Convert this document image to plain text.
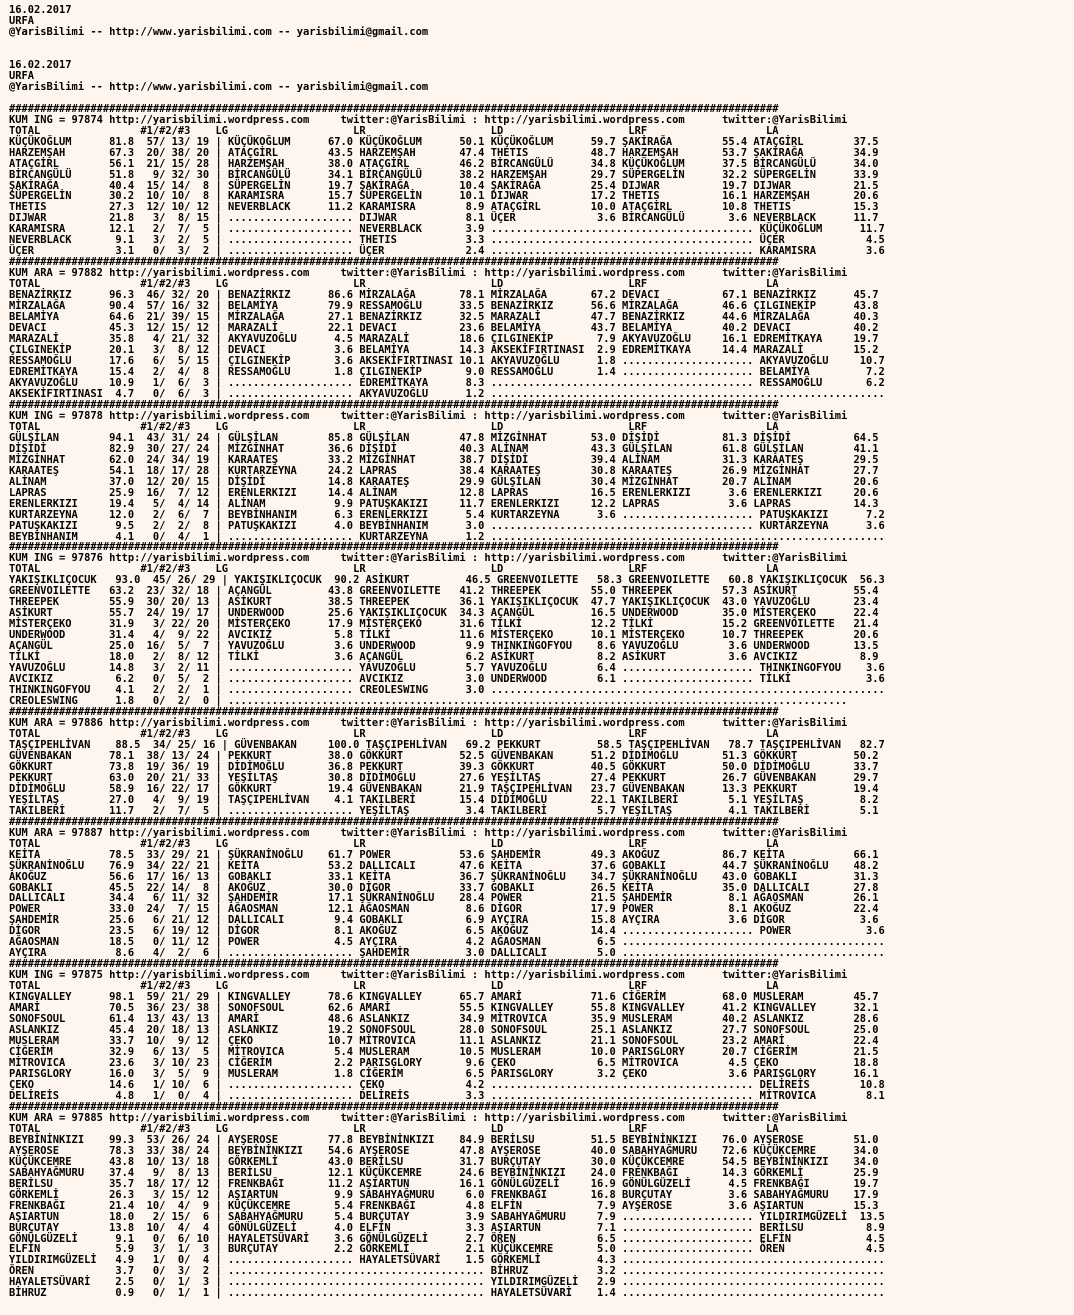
16.02.2017
URFA
@YarisBilimi -- http://www.yarisbilimi.com -- yarisbilimi@gmail.com
16.02.2017
URFA
@YarisBilimi -- http://www.yarisbilimi.com -- yarisbilimi@gmail.com
###########################################################################################################################
KUM ING = 97874 http://yarisbilimi.wordpress.com     twitter:@YarisBilimi : http://yarisbilimi.wordpress.com      twitter:@YarisBilimi
TOTAL                #1/#2/#3    LG                    LR                    LD                    LRF                   LA
KÜÇÜKOĞLUM      81.8  57/ 13/ 19 | KÜÇÜKOĞLUM      67.0 KÜÇÜKOĞLUM      50.1 KÜÇÜKOĞLUM      59.7 ŞAKİRAĞA        55.4 ATAÇGİRL        37.5
HARZEMŞAH       67.3  20/ 38/ 20 | ATAÇGİRL        43.5 HARZEMŞAH       47.4 THETIS          48.7 HARZEMŞAH       53.7 ŞAKİRAĞA        34.9
ATAÇGİRL        56.1  21/ 15/ 28 | HARZEMŞAH       38.0 ATAÇGİRL        46.2 BİRCANGÜLÜ      34.8 KÜÇÜKOĞLUM      37.5 BİRCANGÜLÜ      34.0
BİRCANGÜLÜ      51.8   9/ 32/ 30 | BİRCANGÜLÜ      34.1 BİRCANGÜLÜ      38.2 HARZEMŞAH       29.7 SÜPERGELİN      32.2 SÜPERGELİN      33.9
ŞAKİRAĞA        40.4  15/ 14/  8 | SÜPERGELİN      19.7 ŞAKİRAĞA        10.4 ŞAKİRAĞA        25.4 DIJWAR          19.7 DIJWAR          21.5
SÜPERGELİN      30.2  10/ 10/  8 | KARAMISRA       15.7 SÜPERGELİN      10.1 DIJWAR          17.2 THETIS          16.1 HARZEMŞAH       20.6
THETIS          27.3  12/ 10/ 12 | NEVERBLACK      11.2 KARAMISRA        8.9 ATAÇGİRL        10.0 ATAÇGİRL        10.8 THETIS          15.3
DIJWAR          21.8   3/  8/ 15 | .................... DIJWAR           8.1 ÜÇER             3.6 BİRCANGÜLÜ       3.6 NEVERBLACK      11.7
KARAMISRA       12.1   2/  7/  5 | .................... NEVERBLACK       3.9 .......................................... KÜÇÜKOĞLUM      11.7
NEVERBLACK       9.1   3/  2/  5 | .................... THETIS           3.3 .......................................... ÜÇER             4.5
ÜÇER             3.1   0/  3/  2 | .................... ÜÇER             2.4 .......................................... KARAMISRA        3.6
###########################################################################################################################
KUM ARA = 97882 http://yarisbilimi.wordpress.com     twitter:@YarisBilimi : http://yarisbilimi.wordpress.com      twitter:@YarisBilimi
TOTAL                #1/#2/#3    LG                    LR                    LD                    LRF                   LA
BENAZİRKIZ      96.3  46/ 32/ 20 | BENAZİRKIZ      86.6 MİRZALAĞA       78.1 MİRZALAĞA       67.2 DEVACI          67.1 BENAZİRKIZ      45.7
MİRZALAĞA       90.4  57/ 16/ 32 | BELAMİYA        79.9 RESSAMOĞLU      33.5 BENAZİRKIZ      56.6 MİRZALAĞA       46.6 ÇILGINEKİP      43.8
BELAMİYA        64.6  21/ 39/ 15 | MİRZALAĞA       27.1 BENAZİRKIZ      32.5 MARAZALİ        47.7 BENAZİRKIZ      44.6 MİRZALAĞA       40.3
DEVACI          45.3  12/ 15/ 12 | MARAZALİ        22.1 DEVACI          23.6 BELAMİYA        43.7 BELAMİYA        40.2 DEVACI          40.2
MARAZALİ        35.8   4/ 21/ 32 | AKYAVUZOĞLU      4.5 MARAZALİ        18.6 ÇILGINEKİP       7.9 AKYAVUZOĞLU     16.1 EDREMİTKAYA     19.7
ÇILGINEKİP      20.1   3/  8/ 12 | DEVACI           3.6 BELAMİYA        14.3 AKSEKİFIRTINASI  2.9 EDREMİTKAYA     14.4 MARAZALİ        15.2
RESSAMOĞLU      17.6   6/  5/ 15 | ÇILGINEKİP       3.6 AKSEKİFIRTINASI 10.1 AKYAVUZOĞLU      1.8 ..................... AKYAVUZOĞLU     10.7
EDREMİTKAYA     15.4   2/  4/  8 | RESSAMOĞLU       1.8 ÇILGINEKİP       9.0 RESSAMOĞLU       1.4 ..................... BELAMİYA         7.2
AKYAVUZOĞLU     10.9   1/  6/  3 | .................... EDREMİTKAYA      8.3 .......................................... RESSAMOĞLU       6.2
AKSEKİFIRTINASI  4.7   0/  6/  3 | .................... AKYAVUZOĞLU      1.2 ...............................................................
###########################################################################################################################
KUM ING = 97878 http://yarisbilimi.wordpress.com     twitter:@YarisBilimi : http://yarisbilimi.wordpress.com      twitter:@YarisBilimi
TOTAL                #1/#2/#3    LG                    LR                    LD                    LRF                   LA
GÜLŞİLAN        94.1  43/ 31/ 24 | GÜLŞİLAN        85.8 GÜLŞİLAN        47.8 MİZGİNHAT       53.0 DİŞİDİ          81.3 DİŞİDİ          64.5
DİŞİDİ          82.9  30/ 27/ 24 | MİZGİNHAT       36.6 DİŞİDİ          40.3 ALİNAM          43.3 GÜLŞİLAN        61.8 GÜLŞİLAN        41.1
MİZGİNHAT       62.0  24/ 34/ 19 | KARAATEŞ        33.2 MİZGİNHAT       38.7 DİŞİDİ          39.4 ALİNAM          31.3 KARAATEŞ        29.5
KARAATEŞ        54.1  18/ 17/ 28 | KURTARZEYNA     24.2 LAPRAS          38.4 KARAATEŞ        30.8 KARAATEŞ        26.9 MİZGİNHAT       27.7
ALİNAM          37.0  12/ 20/ 15 | DİŞİDİ          14.8 KARAATEŞ        29.9 GÜLŞİLAN        30.4 MİZGİNHAT       20.7 ALİNAM          20.6
LAPRAS          25.9  16/  7/ 12 | ERENLERKIZI     14.4 ALİNAM          12.8 LAPRAS          16.5 ERENLERKIZI      3.6 ERENLERKIZI     20.6
ERENLERKIZI     19.4   5/  4/ 14 | ALİNAM           9.9 PATUŞKAKIZI     11.7 ERENLERKIZI     12.2 LAPRAS           3.6 LAPRAS          14.3
KURTARZEYNA     12.0   2/  6/  7 | BEYBİNHANIM      6.3 ERENLERKIZI      5.4 KURTARZEYNA      3.6 ..................... PATUŞKAKIZI      7.2
PATUŞKAKIZI      9.5   2/  2/  8 | PATUŞKAKIZI      4.0 BEYBİNHANIM      3.0 .......................................... KURTARZEYNA      3.6
BEYBİNHANIM      4.1   0/  4/  1 | .................... KURTARZEYNA      1.2 ...............................................................
###########################################################################################################################
KUM ING = 97876 http://yarisbilimi.wordpress.com     twitter:@YarisBilimi : http://yarisbilimi.wordpress.com      twitter:@YarisBilimi
TOTAL                #1/#2/#3    LG                    LR                    LD                    LRF                   LA
YAKIŞIKLIÇOCUK   93.0  45/ 26/ 29 | YAKIŞIKLIÇOCUK  90.2 ASİKURT         46.5 GREENVOILETTE   58.3 GREENVOILETTE   60.8 YAKIŞIKLIÇOCUK  56.3
GREENVOILETTE   63.2  23/ 32/ 18 | AÇANGÜL         43.8 GREENVOILETTE   41.2 THREEPEK        55.0 THREEPEK        57.3 ASİKURT         55.4
THREEPEK        55.9  30/ 20/ 13 | ASİKURT         38.5 THREEPEK        36.1 YAKIŞIKLIÇOCUK  47.7 YAKIŞIKLIÇOCUK  43.0 YAVUZOĞLU       23.4
ASİKURT         55.7  24/ 19/ 17 | UNDERWOOD       25.6 YAKIŞIKLIÇOCUK  34.3 AÇANGÜL         16.5 UNDERWOOD       35.0 MİSTERÇEKO      22.4
MİSTERÇEKO      31.9   3/ 22/ 20 | MİSTERÇEKO      17.9 MİSTERÇEKO      31.6 TİLKİ           12.2 TİLKİ           15.2 GREENVOILETTE   21.4
UNDERWOOD       31.4   4/  9/ 22 | AVCIKIZ          5.8 TİLKİ           11.6 MİSTERÇEKO      10.1 MİSTERÇEKO      10.7 THREEPEK        20.6
AÇANGÜL         25.0  16/  5/  7 | YAVUZOĞLU        3.6 UNDERWOOD        9.9 THINKINGOFYOU    8.6 YAVUZOĞLU        3.6 UNDERWOOD       13.5
TİLKİ           18.0   2/  8/ 12 | TİLKİ            3.6 AÇANGÜL          6.2 ASİKURT          8.2 ASİKURT          3.6 AVCIKIZ          8.9
YAVUZOĞLU       14.8   3/  2/ 11 | .................... YAVUZOĞLU        5.7 YAVUZOĞLU        6.4 ..................... THINKINGOFYOU    3.6
AVCIKIZ          6.2   0/  5/  2 | .................... AVCIKIZ          3.0 UNDERWOOD        6.1 ..................... TİLKİ            3.6
THINKINGOFYOU    4.1   2/  2/  1 | .................... CREOLESWING      3.0 ...............................................................
CREOLESWING      1.8   0/  2/  0 | ...................................................................................................
###########################################################################################################################
KUM ARA = 97886 http://yarisbilimi.wordpress.com     twitter:@YarisBilimi : http://yarisbilimi.wordpress.com      twitter:@YarisBilimi
TOTAL                #1/#2/#3    LG                    LR                    LD                    LRF                   LA
TAŞÇIPEHLİVAN    88.5  34/ 25/ 16 | GÜVENBAKAN     100.0 TAŞÇIPEHLİVAN   69.2 PEKKURT         58.5 TAŞÇIPEHLİVAN   78.7 TAŞÇIPEHLİVAN   82.7
GÜVENBAKAN      78.1  38/ 13/ 24 | PEKKURT         38.0 GÖKKURT         52.5 GÜVENBAKAN      51.2 DİDİMOĞLU       51.3 GÖKKURT         50.2
GÖKKURT         73.8  19/ 36/ 19 | DİDİMOĞLU       36.8 PEKKURT         39.3 GÖKKURT         40.5 GÖKKURT         50.0 DİDİMOĞLU       33.7
PEKKURT         63.0  20/ 21/ 33 | YEŞİLTAŞ        30.8 DİDİMOĞLU       27.6 YEŞİLTAŞ        27.4 PEKKURT         26.7 GÜVENBAKAN      29.7
DİDİMOĞLU       58.9  16/ 22/ 17 | GÖKKURT         19.4 GÜVENBAKAN      21.9 TAŞÇIPEHLİVAN   23.7 GÜVENBAKAN      13.3 PEKKURT         19.4
YEŞİLTAŞ        27.0   4/  9/ 19 | TAŞÇIPEHLİVAN    4.1 TAKILBERİ       15.4 DİDİMOĞLU       22.1 TAKILBERİ        5.1 YEŞİLTAŞ         8.2
TAKILBERİ       11.7   2/  7/  5 | .................... YEŞİLTAŞ         3.4 TAKILBERİ        5.7 YEŞİLTAŞ         4.1 TAKILBERİ        5.1
###########################################################################################################################
KUM ARA = 97887 http://yarisbilimi.wordpress.com     twitter:@YarisBilimi : http://yarisbilimi.wordpress.com      twitter:@YarisBilimi
TOTAL                #1/#2/#3    LG                    LR                    LD                    LRF                   LA
KEİTA           78.5  33/ 29/ 21 | ŞÜKRANİNOĞLU    61.7 POWER           53.6 ŞAHDEMİR        49.3 AKOĞUZ          86.7 KEİTA           66.1
ŞÜKRANİNOĞLU    76.9  34/ 22/ 21 | KEİTA           53.2 DALLICALI       47.6 KEİTA           37.6 GOBAKLI         44.7 ŞÜKRANİNOĞLU    48.2
AKOĞUZ          56.6  17/ 16/ 13 | GOBAKLI         33.1 KEİTA           36.7 ŞÜKRANİNOĞLU    34.7 ŞÜKRANİNOĞLU    43.0 GOBAKLI         31.3
GOBAKLI         45.5  22/ 14/  8 | AKOĞUZ          30.0 DİGOR           33.7 GOBAKLI         26.5 KEİTA           35.0 DALLICALI       27.8
DALLICALI       34.4   6/ 11/ 32 | ŞAHDEMİR        17.1 ŞÜKRANİNOĞLU    28.4 POWER           21.5 ŞAHDEMİR         8.1 AĞAOSMAN        26.1
POWER           33.0  24/  7/ 15 | AĞAOSMAN        12.1 AĞAOSMAN         8.6 DİGOR           17.9 POWER            8.1 AKOĞUZ          22.4
ŞAHDEMİR        25.6   6/ 21/ 12 | DALLICALI        9.4 GOBAKLI          6.9 AYÇIRA          15.8 AYÇIRA           3.6 DİGOR            3.6
DİGOR           23.5   6/ 19/ 12 | DİGOR            8.1 AKOĞUZ           6.5 AKOĞUZ          14.4 ..................... POWER            3.6
AĞAOSMAN        18.5   0/ 11/ 12 | POWER            4.5 AYÇIRA           4.2 AĞAOSMAN         6.5 ..........................................
AYÇIRA           8.6   4/  2/  6 | .................... ŞAHDEMİR         3.0 DALLICALI        5.0 ..........................................
###########################################################################################################################
KUM ING = 97875 http://yarisbilimi.wordpress.com     twitter:@YarisBilimi : http://yarisbilimi.wordpress.com      twitter:@YarisBilimi
TOTAL                #1/#2/#3    LG                    LR                    LD                    LRF                   LA
KINGVALLEY      98.1  59/ 21/ 29 | KINGVALLEY      78.6 KINGVALLEY      65.7 AMARİ           71.6 CİĞERİM         68.0 MUSLERAM        45.7
AMARİ           70.5  36/ 23/ 38 | SONOFSOUL       62.6 AMARİ           55.5 KINGVALLEY      55.8 KINGVALLEY      41.2 KINGVALLEY      32.1
SONOFSOUL       61.4  13/ 43/ 13 | AMARİ           48.6 ASLANKIZ        34.9 MİTROVICA       35.9 MUSLERAM        40.2 ASLANKIZ        28.6
ASLANKIZ        45.4  20/ 18/ 13 | ASLANKIZ        19.2 SONOFSOUL       28.0 SONOFSOUL       25.1 ASLANKIZ        27.7 SONOFSOUL       25.0
MUSLERAM        33.7  10/  9/ 12 | ÇEKO            10.7 MİTROVICA       11.1 ASLANKIZ        21.1 SONOFSOUL       23.2 AMARİ           22.4
CİĞERİM         32.9   6/ 13/  5 | MİTROVICA        5.4 MUSLERAM        10.5 MUSLERAM        10.0 PARISGLORY      20.7 CİĞERİM         21.5
MİTROVICA       23.6   3/ 10/ 23 | CİĞERİM          2.2 PARISGLORY       9.6 ÇEKO             6.5 MİTROVICA        4.5 ÇEKO            18.8
PARISGLORY      16.0   3/  5/  9 | MUSLERAM         1.8 CİĞERİM          6.5 PARISGLORY       3.2 ÇEKO             3.6 PARISGLORY      16.1
ÇEKO            14.6   1/ 10/  6 | .................... ÇEKO             4.2 .......................................... DELİREİS        10.8
DELİREİS         4.8   1/  0/  4 | .................... DELİREİS         3.3 .......................................... MİTROVICA        8.1
###########################################################################################################################
KUM ARA = 97885 http://yarisbilimi.wordpress.com     twitter:@YarisBilimi : http://yarisbilimi.wordpress.com      twitter:@YarisBilimi
TOTAL                #1/#2/#3    LG                    LR                    LD                    LRF                   LA
BEYBİNİNKIZI    99.3  53/ 26/ 24 | AYŞEROSE        77.8 BEYBİNİNKIZI    84.9 BERİLSU         51.5 BEYBİNİNKIZI    76.0 AYŞEROSE        51.0
AYŞEROSE        78.3  33/ 38/ 24 | BEYBİNİNKIZI    54.6 AYŞEROSE        47.8 AYŞEROSE        40.0 SABAHYAĞMURU    72.6 KÜÇÜKCEMRE      34.0
KÜÇÜKCEMRE      43.8  10/ 13/ 18 | GÖRKEMLİ        43.0 BERİLSU         31.7 BURÇUTAY        30.0 KÜÇÜKCEMRE      54.5 BEYBİNİNKIZI    34.0
SABAHYAĞMURU    37.4   9/  8/ 13 | BERİLSU         12.1 KÜÇÜKCEMRE      24.6 BEYBİNİNKIZI    24.0 FRENKBAĞI       14.3 GÖRKEMLİ        25.9
BERİLSU         35.7  18/ 17/ 12 | FRENKBAĞI       11.2 AŞIARTUN        16.1 GÖNÜLGÜZELİ     16.9 GÖNÜLGÜZELİ      4.5 FRENKBAĞI       19.7
GÖRKEMLİ        26.3   3/ 15/ 12 | AŞIARTUN         9.9 SABAHYAĞMURU     6.0 FRENKBAĞI       16.8 BURÇUTAY         3.6 SABAHYAĞMURU    17.9
FRENKBAĞI       21.4  10/  4/  9 | KÜÇÜKCEMRE       5.4 FRENKBAĞI        4.8 ELFİN            7.9 AYŞEROSE         3.6 AŞIARTUN        15.3
AŞIARTUN        18.0   2/ 15/  6 | SABAHYAĞMURU     5.4 BURÇUTAY         3.9 SABAHYAĞMURU     7.9 ..................... YILDIRIMGÜZELİ  13.5
BURÇUTAY        13.8  10/  4/  4 | GÖNÜLGÜZELİ      4.0 ELFİN            3.3 AŞIARTUN         7.1 ..................... BERİLSU          8.9
GÖNÜLGÜZELİ      9.1   0/  6/ 10 | HAYALETSÜVARİ    3.6 GÖNÜLGÜZELİ      2.7 ÖREN             6.5 ..................... ELFİN            4.5
ELFİN            5.9   3/  1/  3 | BURÇUTAY         2.2 GÖRKEMLİ         2.1 KÜÇÜKCEMRE       5.0 ..................... ÖREN             4.5
YILDIRIMGÜZELİ   4.9   1/  0/  4 | .................... HAYALETSÜVARİ    1.5 GÖRKEMLİ         4.3 ..........................................
ÖREN             3.7   0/  3/  2 | ......................................... BİHRUZ           3.2 ..........................................
HAYALETSÜVARİ    2.5   0/  1/  3 | ......................................... YILDIRIMGÜZELİ   2.9 ..........................................
BİHRUZ           0.9   0/  1/  1 | ......................................... HAYALETSÜVARİ    1.4 ..........................................
